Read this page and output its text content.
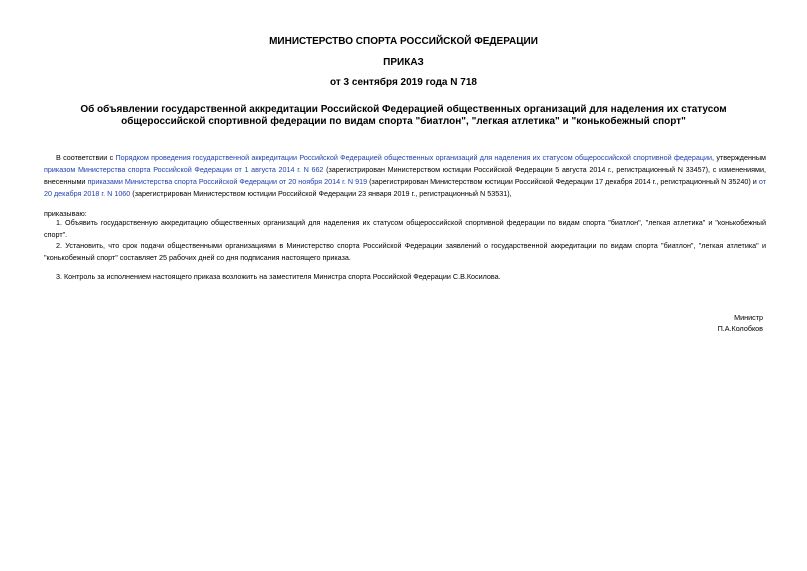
МИНИСТЕРСТВО СПОРТА РОССИЙСКОЙ ФЕДЕРАЦИИ
ПРИКАЗ
от 3 сентября 2019 года N 718
Об объявлении государственной аккредитации Российской Федерацией общественных организаций для наделения их статусом общероссийской спортивной федерации по видам спорта "биатлон", "легкая атлетика" и "конькобежный спорт"
В соответствии с Порядком проведения государственной аккредитации Российской Федерацией общественных организаций для наделения их статусом общероссийской спортивной федерации, утвержденным приказом Министерства спорта Российской Федерации от 1 августа 2014 г. N 662 (зарегистрирован Министерством юстиции Российской Федерации 5 августа 2014 г., регистрационный N 33457), с изменениями, внесенными приказами Министерства спорта Российской Федерации от 20 ноября 2014 г. N 919 (зарегистрирован Министерством юстиции Российской Федерации 17 декабря 2014 г., регистрационный N 35240) и от 20 декабря 2018 г. N 1060 (зарегистрирован Министерством юстиции Российской Федерации 23 января 2019 г., регистрационный N 53531),
приказываю:
1. Объявить государственную аккредитацию общественных организаций для наделения их статусом общероссийской спортивной федерации по видам спорта "биатлон", "легкая атлетика" и "конькобежный спорт".
2. Установить, что срок подачи общественными организациями в Министерство спорта Российской Федерации заявлений о государственной аккредитации по видам спорта "биатлон", "легкая атлетика" и "конькобежный спорт" составляет 25 рабочих дней со дня подписания настоящего приказа.
3. Контроль за исполнением настоящего приказа возложить на заместителя Министра спорта Российской Федерации С.В.Косилова.
Министр
П.А.Колобков
